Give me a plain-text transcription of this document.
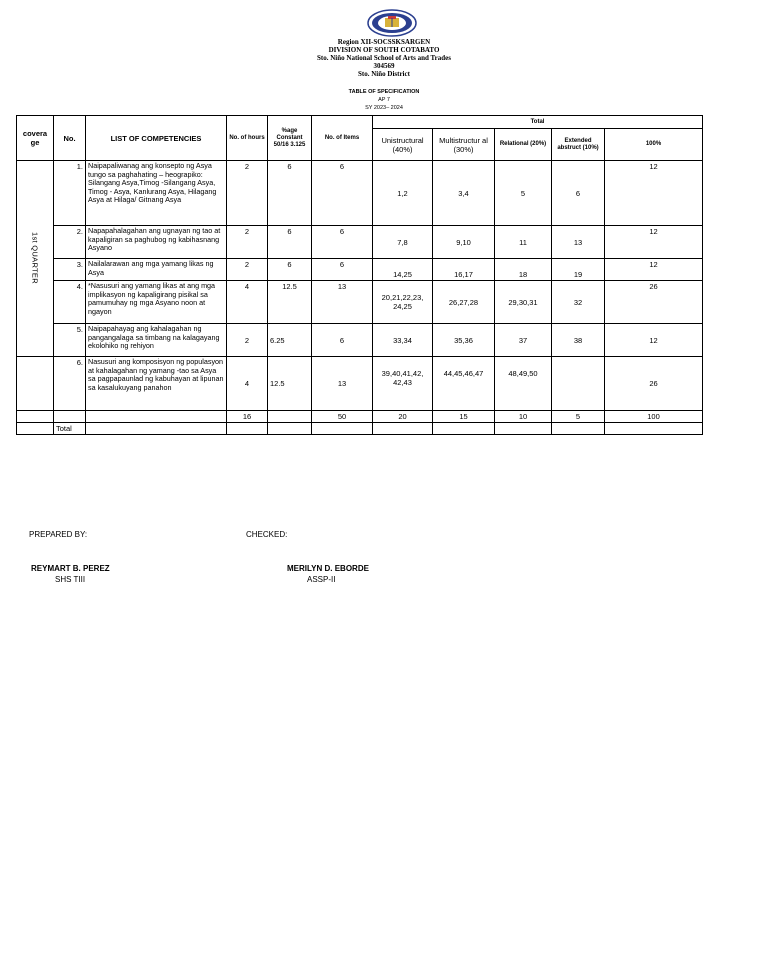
Region XII-SOCSSKSARGEN
DIVISION OF SOUTH COTABATO
Sto. Niño National School of Arts and Trades
304569
Sto. Niño District
TABLE OF SPECIFICATION
AP 7
SY 2023– 2024
covera ge	No.	LIST OF COMPETENCIES	No. of hours	%age Constant 50/16 3.125	No. of Items	Total				
						Unistructural (40%)	Multistructur al (30%)	Relational (20%)	Extended abstruct (10%)	100%
1st QUARTER	1.	Naipapaliwanag ang konsepto ng Asya tungo sa paghahating – heograpiko: Silangang Asya,Timog -Silangang Asya, Timog - Asya, Kanlurang Asya, Hilagang Asya at Hilaga/ Gitnang Asya	2	6	6	1,2	3,4	5	6	12
	2.	Napapahalagahan ang ugnayan ng tao at kapaligiran sa paghubog ng kabihasnang Asyano	2	6	6	7,8	9,10	11	13	12
	3.	Nailalarawan ang mga yamang likas ng Asya	2	6	6	14,25	16,17	18	19	12
	4.	*Nasusuri ang yamang likas at ang mga implikasyon ng kapaligirang pisikal sa pamumuhay ng mga Asyano noon at ngayon	4	12.5	13	20,21,22,23, 24,25	26,27,28	29,30,31	32	26
	5.	Naipapahayag ang kahalagahan ng pangangalaga sa timbang na kalagayang ekolohiko ng rehiyon	2	6.25	6	33,34	35,36	37	38	12
	6.	Nasusuri ang komposisyon ng populasyon at kahalagahan ng yamang -tao sa Asya sa pagpapaunlad ng kabuhayan at lipunan sa kasalukuyang panahon	4	12.5	13	39,40,41,42, 42,43	44,45,46,47	48,49,50		26
			16		50	20	15	10	5	100
	Total									
PREPARED BY:	CHECKED:
REYMART B. PEREZ
SHS TIII
MERILYN D. EBORDE
ASSP-II
